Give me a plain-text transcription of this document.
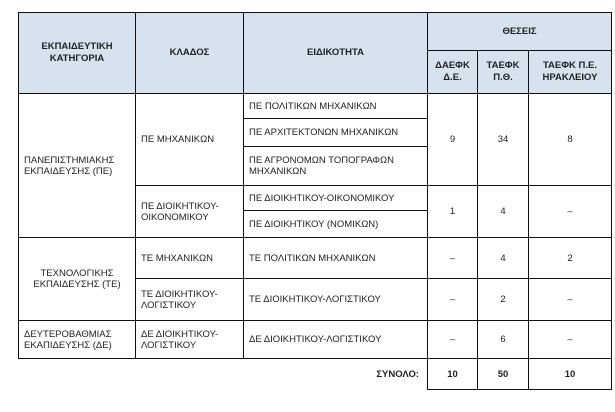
ΕΚΠΑΙΔΕΥΤΙΚΗ ΚΑΤΗΓΟΡΙΑ	ΚΛΑΔΟΣ	ΕΙΔΙΚΟΤΗΤΑ	ΘΕΣΕΙΣ		
			ΔΑΕΦΚ Δ.Ε.	ΤΑΕΦΚ Π.Θ.	ΤΑΕΦΚ Π.Ε. ΗΡΑΚΛΕΙΟΥ
ΠΑΝΕΠΙΣΤΗΜΙΑΚΗΣ ΕΚΠΑΙΔΕΥΣΗΣ (ΠΕ)	ΠΕ ΜΗΧΑΝΙΚΩΝ	ΠΕ ΠΟΛΙΤΙΚΩΝ ΜΗΧΑΝΙΚΩΝ	9	34	8
		ΠΕ ΑΡΧΙΤΕΚΤΟΝΩΝ ΜΗΧΑΝΙΚΩΝ			
		ΠΕ ΑΓΡΟΝΟΜΩΝ ΤΟΠΟΓΡΑΦΩΝ ΜΗΧΑΝΙΚΩΝ			
	ΠΕ ΔΙΟΙΚΗΤΙΚΟΥ-ΟΙΚΟΝΟΜΙΚΟΥ	ΠΕ ΔΙΟΙΚΗΤΙΚΟΥ-ΟΙΚΟΝΟΜΙΚΟΥ	1	4	–
		ΠΕ ΔΙΟΙΚΗΤΙΚΟΥ (ΝΟΜΙΚΩΝ)			
ΤΕΧΝΟΛΟΓΙΚΗΣ ΕΚΠΑΙΔΕΥΣΗΣ (ΤΕ)	ΤΕ ΜΗΧΑΝΙΚΩΝ	ΤΕ ΠΟΛΙΤΙΚΩΝ ΜΗΧΑΝΙΚΩΝ	–	4	2
	ΤΕ ΔΙΟΙΚΗΤΙΚΟΥ-ΛΟΓΙΣΤΙΚΟΥ	ΤΕ ΔΙΟΙΚΗΤΙΚΟΥ-ΛΟΓΙΣΤΙΚΟΥ	–	2	–
ΔΕΥΤΕΡΟΒΑΘΜΙΑΣ ΕΚΑΠΙΔΕΥΣΗΣ (ΔΕ)	ΔΕ ΔΙΟΙΚΗΤΙΚΟΥ-ΛΟΓΙΣΤΙΚΟΥ	ΔΕ ΔΙΟΙΚΗΤΙΚΟΥ-ΛΟΓΙΣΤΙΚΟΥ	–	6	–
ΣΥΝΟΛΟ:			10	50	10
